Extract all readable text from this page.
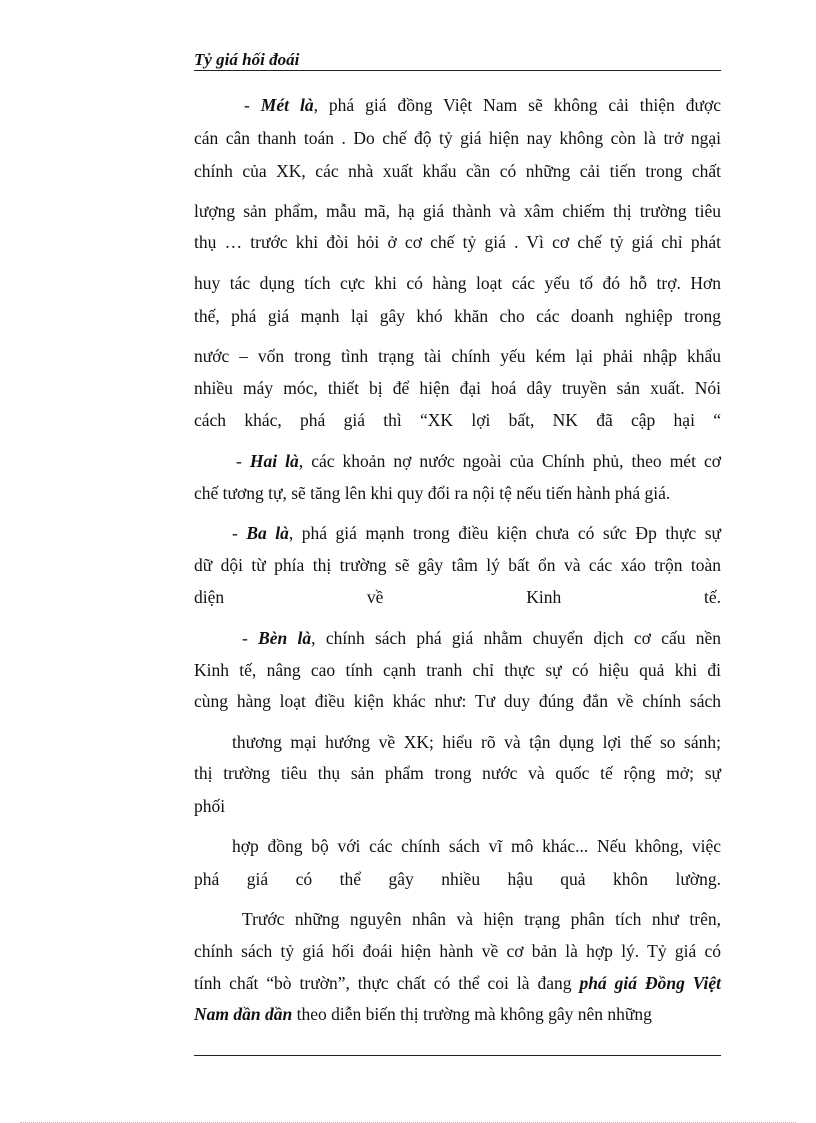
Tỷ giá hối đoái
- Mét là, phá giá đồng Việt Nam sẽ không cải thiện được
cán cân thanh toán . Do chế độ tỷ giá hiện nay không còn là trở ngại
chính của XK, các nhà xuất khẩu cần có những cải tiến trong chất
lượng sản phẩm, mẫu mã, hạ giá thành và xâm chiếm thị trường tiêu
thụ … trước khi đòi hỏi ở cơ chế tỷ giá . Vì cơ chế tỷ giá chỉ phát
huy tác dụng tích cực khi có hàng loạt các yếu tố đó hỗ trợ. Hơn
thế, phá giá mạnh lại gây khó khăn cho các doanh nghiệp trong
nước – vốn trong tình trạng tài chính yếu kém lại phải nhập khẩu
nhiều máy móc, thiết bị để hiện đại hoá dây truyền sản xuất. Nói
cách khác, phá giá thì “XK lợi bất, NK đã cập hại “
- Hai là, các khoản nợ nước ngoài của Chính phủ, theo mét cơ
chế tương tự, sẽ tăng lên khi quy đổi ra nội tệ nếu tiến hành phá giá.
- Ba là, phá giá mạnh trong điều kiện chưa có sức Ðp thực sự
dữ dội từ phía thị trường sẽ gây tâm lý bất ổn và các xáo trộn toàn
diện về Kinh tế.
- Bèn là, chính sách phá giá nhằm chuyển dịch cơ cấu nền
Kinh tế, nâng cao tính cạnh tranh chỉ thực sự có hiệu quả khi đi
cùng hàng loạt điều kiện khác như: Tư duy đúng đắn về chính sách
thương mại hướng về XK; hiểu rõ và tận dụng lợi thế so sánh;
thị trường tiêu thụ sản phẩm trong nước và quốc tế rộng mở; sự
phối
hợp đồng bộ với các chính sách vĩ mô khác... Nếu không, việc
phá giá có thể gây nhiều hậu quả khôn lường.
Trước những nguyên nhân và hiện trạng phân tích như trên,
chính sách tỷ giá hối đoái hiện hành về cơ bản là hợp lý. Tỷ giá có
tính chất “bò trườn”, thực chất có thể coi là đang phá giá Đồng Việt
Nam dần dần theo diễn biến thị trường mà không gây nên những
